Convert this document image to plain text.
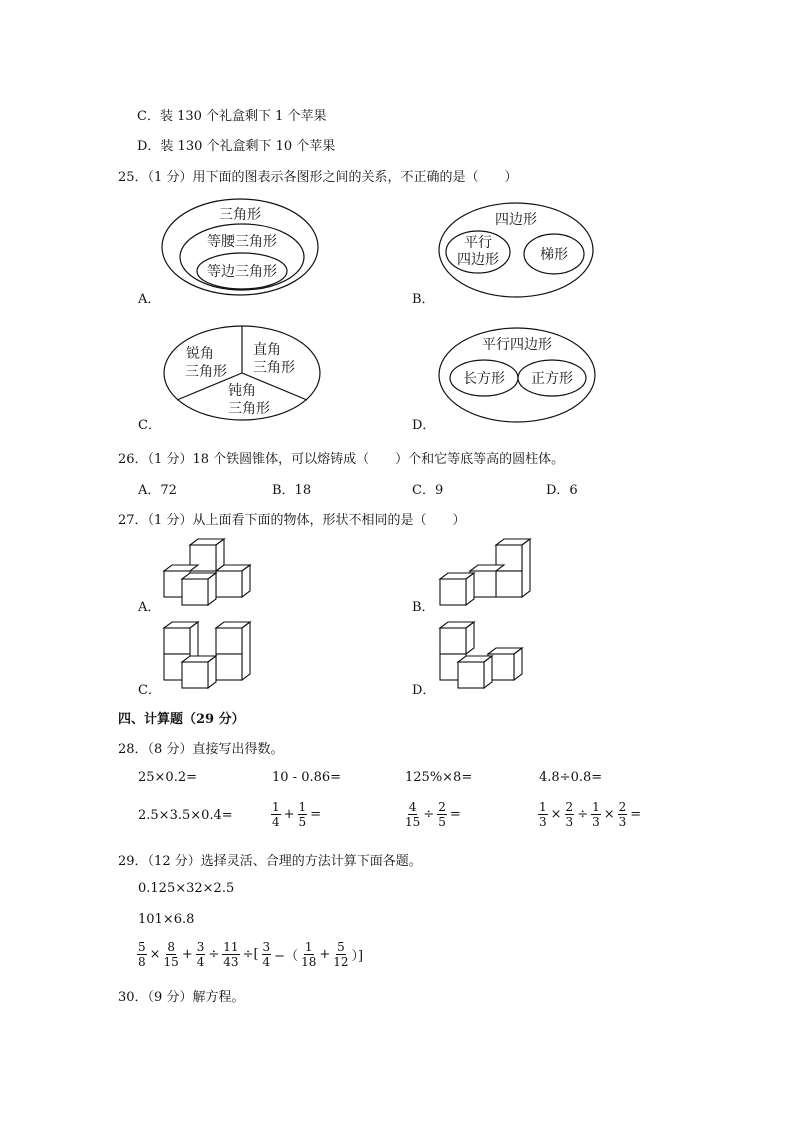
C．装 130 个礼盒剩下 1 个苹果
D．装 130 个礼盒剩下 10 个苹果
25．（1 分）用下面的图表示各图形之间的关系，不正确的是（　　）
三角形
等腰三角形
等边三角形
A．
四边形
平行
四边形	梯形
B．
锐角
三角形
直角
三角形
钝角
三角形
C．
平行四边形
长方形 正方形
D．
26．（1 分）18 个铁圆锥体，可以熔铸成（　　）个和它等底等高的圆柱体。
A．72	B．18	C．9	D．6
27．（1 分）从上面看下面的物体，形状不相同的是（　　）
A．	B．
C．	D．
四、计算题（29 分）
28．（8 分）直接写出得数。
25×0.2=	10 - 0.86=	125%×8=	4.8÷0.8=
2.5×3.5×0.4=	$\frac{1}{4} + \frac{1}{5}$ =	$\frac{4}{15} \div \frac{2}{5}$ =	$\frac{1}{3} \times \frac{2}{3} \div \frac{1}{3} \times \frac{2}{3}$ =
29．（12 分）选择灵活、合理的方法计算下面各题。
0.125×32×2.5
101×6.8
$\frac{5}{8} \times \frac{8}{15} + \frac{3}{4} \div \frac{11}{43}$ ÷[ $\frac{3}{4}$ −（ $\frac{1}{18} + \frac{5}{12}$ ）]
30．（9 分）解方程。
